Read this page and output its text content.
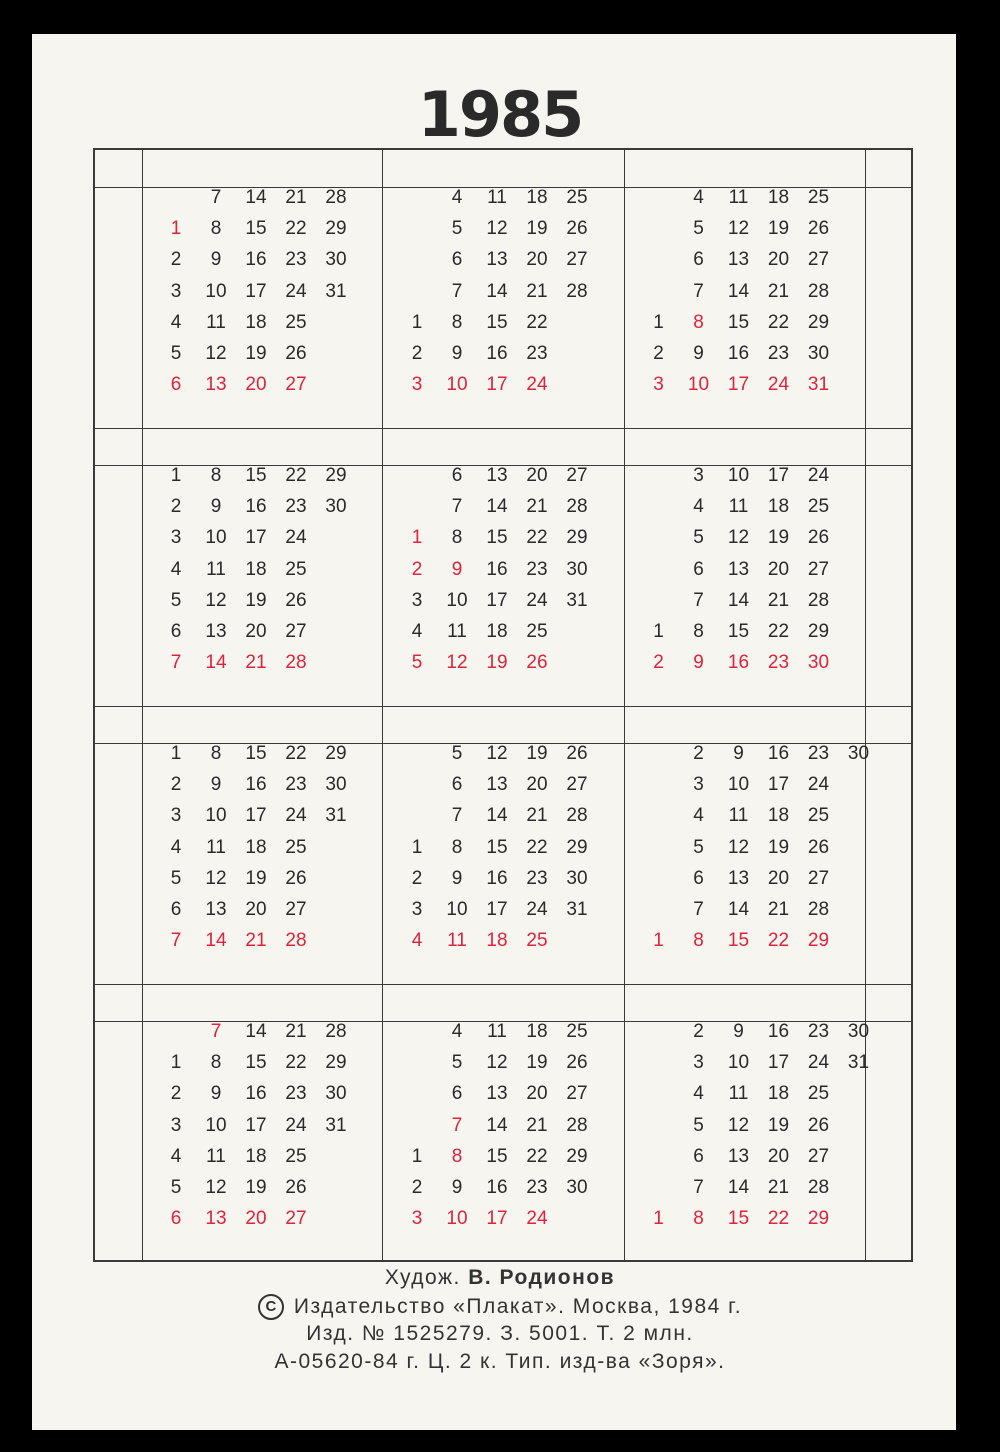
1985
1
2
3
4
5
6
7
8
9
10
11
12
13
14
15
16
17
18
19
20
21
22
23
24
25
26
27
28
29
30
31
1
2
3
4
5
6
7
8
9
10
11
12
13
14
15
16
17
18
19
20
21
22
23
24
25
26
27
28
1
2
3
4
5
6
7
8
9
10
11
12
13
14
15
16
17
18
19
20
21
22
23
24
25
26
27
28
29
30
31
1
2
3
4
5
6
7
8
9
10
11
12
13
14
15
16
17
18
19
20
21
22
23
24
25
26
27
28
29
30
1
2
3
4
5
6
7
8
9
10
11
12
13
14
15
16
17
18
19
20
21
22
23
24
25
26
27
28
29
30
31
1
2
3
4
5
6
7
8
9
10
11
12
13
14
15
16
17
18
19
20
21
22
23
24
25
26
27
28
29
30
1
2
3
4
5
6
7
8
9
10
11
12
13
14
15
16
17
18
19
20
21
22
23
24
25
26
27
28
29
30
31
1
2
3
4
5
6
7
8
9
10
11
12
13
14
15
16
17
18
19
20
21
22
23
24
25
26
27
28
29
30
31
1
2
3
4
5
6
7
8
9
10
11
12
13
14
15
16
17
18
19
20
21
22
23
24
25
26
27
28
29
30
1
2
3
4
5
6
7
8
9
10
11
12
13
14
15
16
17
18
19
20
21
22
23
24
25
26
27
28
29
30
31
1
2
3
4
5
6
7
8
9
10
11
12
13
14
15
16
17
18
19
20
21
22
23
24
25
26
27
28
29
30
1
2
3
4
5
6
7
8
9
10
11
12
13
14
15
16
17
18
19
20
21
22
23
24
25
26
27
28
29
30
31
Худож. В. Родионов
C Издательство «Плакат». Москва, 1984 г.
Изд. № 1525279. З. 5001. Т. 2 млн.
А-05620-84 г. Ц. 2 к. Тип. изд-ва «Зоря».
